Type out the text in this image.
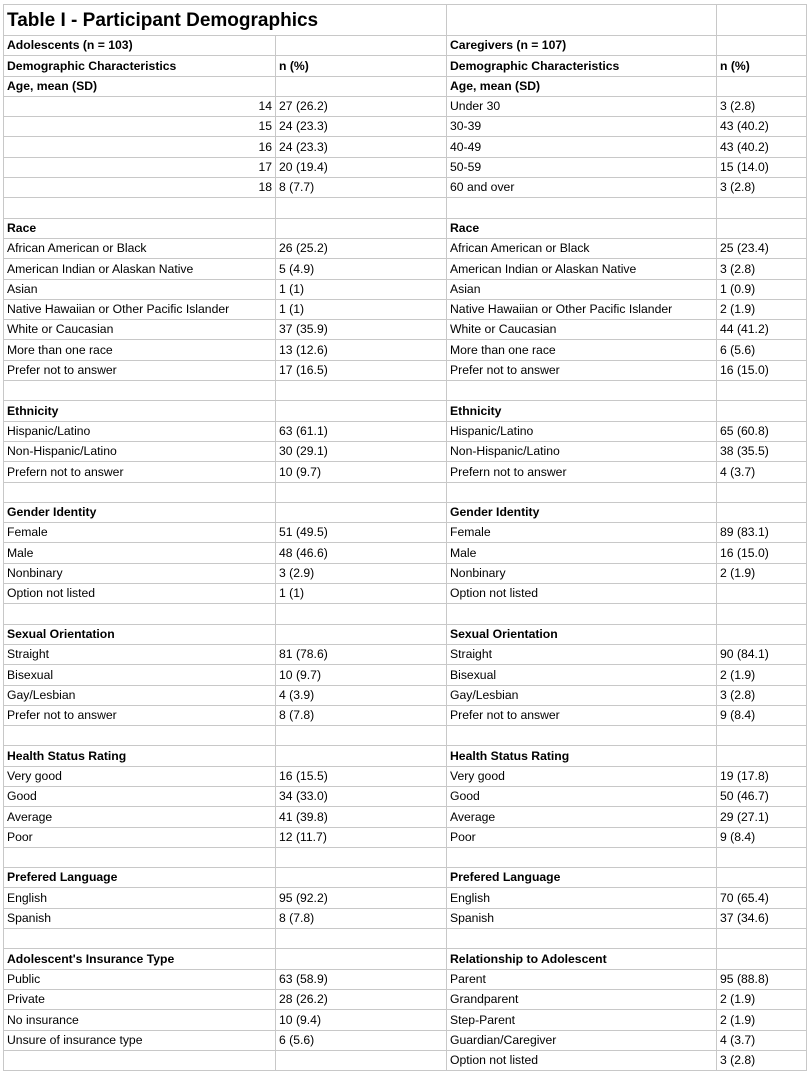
Table I - Participant Demographics			
Adolescents (n = 103)		Caregivers (n = 107)	
Demographic Characteristics	n (%)	Demographic Characteristics	n (%)
Age, mean (SD)		Age, mean (SD)	
14	27 (26.2)	Under 30	3 (2.8)
15	24 (23.3)	30-39	43 (40.2)
16	24 (23.3)	40-49	43 (40.2)
17	20 (19.4)	50-59	15 (14.0)
18	8 (7.7)	60 and over	3 (2.8)

Race		Race	
African American or Black	26 (25.2)	African American or Black	25 (23.4)
American Indian or Alaskan Native	5 (4.9)	American Indian or Alaskan Native	3 (2.8)
Asian	1 (1)	Asian	1 (0.9)
Native Hawaiian or Other Pacific Islander	1 (1)	Native Hawaiian or Other Pacific Islander	2 (1.9)
White or Caucasian	37 (35.9)	White or Caucasian	44 (41.2)
More than one race	13 (12.6)	More than one race	6 (5.6)
Prefer not to answer	17 (16.5)	Prefer not to answer	16 (15.0)

Ethnicity		Ethnicity	
Hispanic/Latino	63 (61.1)	Hispanic/Latino	65 (60.8)
Non-Hispanic/Latino	30 (29.1)	Non-Hispanic/Latino	38 (35.5)
Prefern not to answer	10 (9.7)	Prefern not to answer	4 (3.7)

Gender Identity		Gender Identity	
Female	51 (49.5)	Female	89 (83.1)
Male	48 (46.6)	Male	16 (15.0)
Nonbinary	3 (2.9)	Nonbinary	2 (1.9)
Option not listed	1 (1)	Option not listed	

Sexual Orientation		Sexual Orientation	
Straight	81 (78.6)	Straight	90 (84.1)
Bisexual	10 (9.7)	Bisexual	2 (1.9)
Gay/Lesbian	4 (3.9)	Gay/Lesbian	3 (2.8)
Prefer not to answer	8 (7.8)	Prefer not to answer	9 (8.4)

Health Status Rating		Health Status Rating	
Very good	16 (15.5)	Very good	19 (17.8)
Good	34 (33.0)	Good	50 (46.7)
Average	41 (39.8)	Average	29 (27.1)
Poor	12 (11.7)	Poor	9 (8.4)

Prefered Language		Prefered Language	
English	95 (92.2)	English	70 (65.4)
Spanish	8 (7.8)	Spanish	37 (34.6)

Adolescent's Insurance Type		Relationship to Adolescent	
Public	63 (58.9)	Parent	95 (88.8)
Private	28 (26.2)	Grandparent	2 (1.9)
No insurance	10 (9.4)	Step-Parent	2 (1.9)
Unsure of insurance type	6 (5.6)	Guardian/Caregiver	4 (3.7)
		Option not listed	3 (2.8)
